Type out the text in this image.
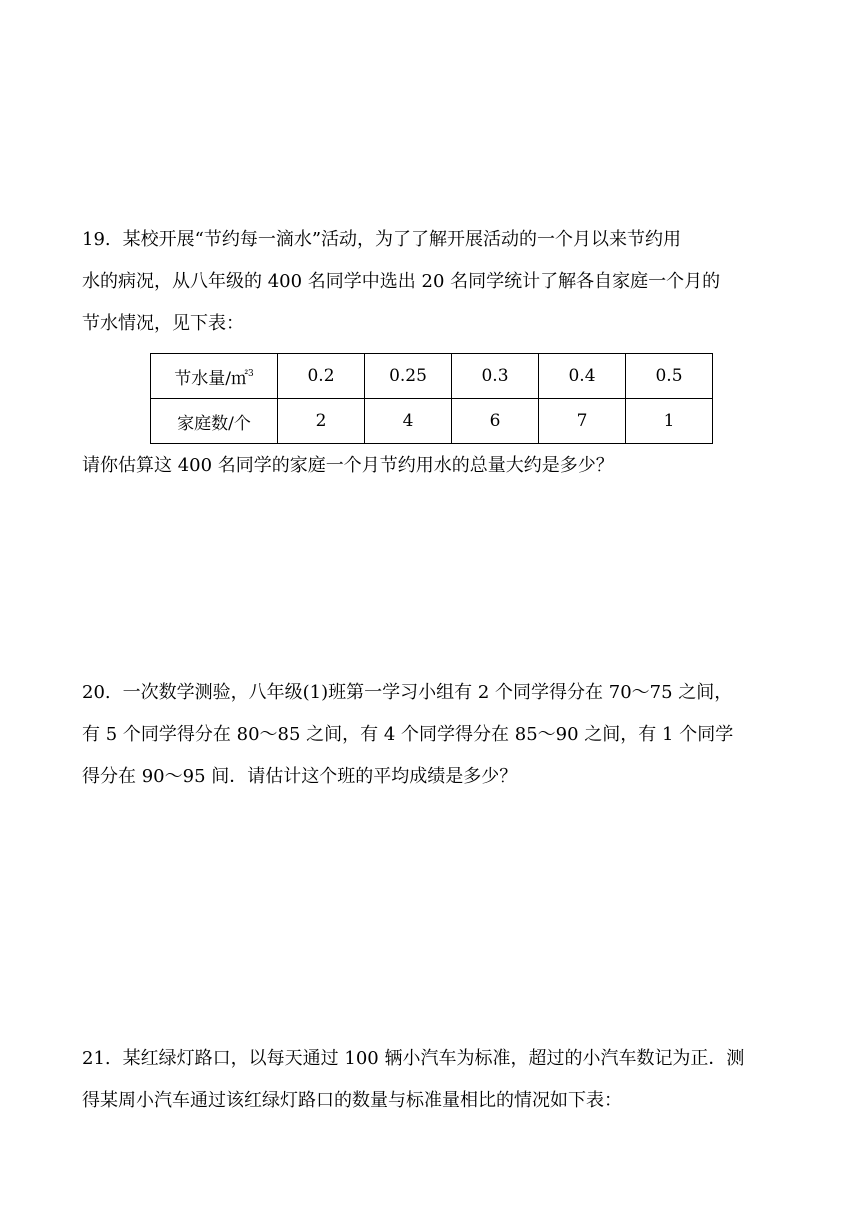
19. 某校开展“节约每一滴水”活动，为了了解开展活动的一个月以来节约用
水的病况，从八年级的 400 名同学中选出 20 名同学统计了解各自家庭一个月的
节水情况，见下表：
节水量/㎡$^3$	0.2	0.25	0.3	0.4	0.5
家庭数/个	2	4	6	7	1
请你估算这 400 名同学的家庭一个月节约用水的总量大约是多少？
20. 一次数学测验，八年级(1)班第一学习小组有 2 个同学得分在 70～75 之间，
有 5 个同学得分在 80～85 之间，有 4 个同学得分在 85～90 之间，有 1 个同学
得分在 90～95 间．请估计这个班的平均成绩是多少？
21. 某红绿灯路口，以每天通过 100 辆小汽车为标准，超过的小汽车数记为正．测
得某周小汽车通过该红绿灯路口的数量与标准量相比的情况如下表：
